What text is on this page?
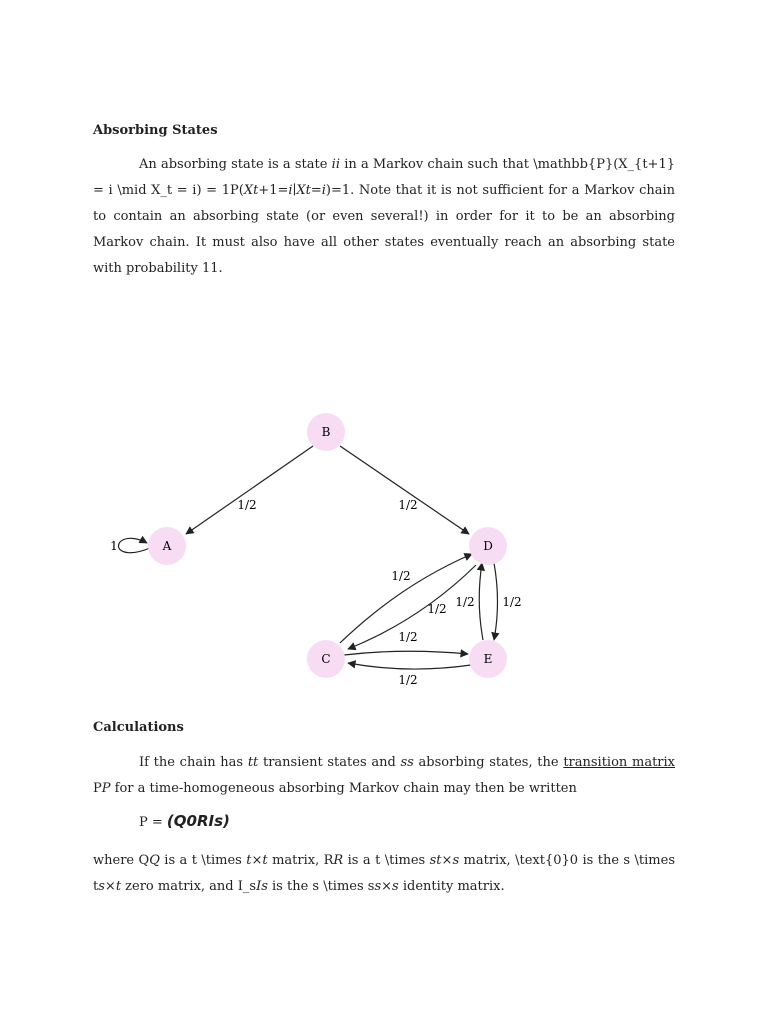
Absorbing States
An absorbing state is a state ii in a Markov chain such that \mathbb{P}(X_{t+1} = i \mid X_t = i) = 1P(Xt+1=i∣Xt=i)=1. Note that it is not sufficient for a Markov chain to contain an absorbing state (or even several!) in order for it to be an absorbing Markov chain. It must also have all other states eventually reach an absorbing state with probability 11.
B
A	D
C	E
1
1/2	1/2
1/2
1/2 1/2 1/2
1/2
1/2
Calculations
If the chain has tt transient states and ss absorbing states, the transition matrix PP for a time-homogeneous absorbing Markov chain may then be written
P = (Q0RIs)
where QQ is a t \times t×t matrix, RR is a t \times st×s matrix, \text{0}0 is the s \times ts×t zero matrix, and I_sIs is the s \times ss×s identity matrix.
